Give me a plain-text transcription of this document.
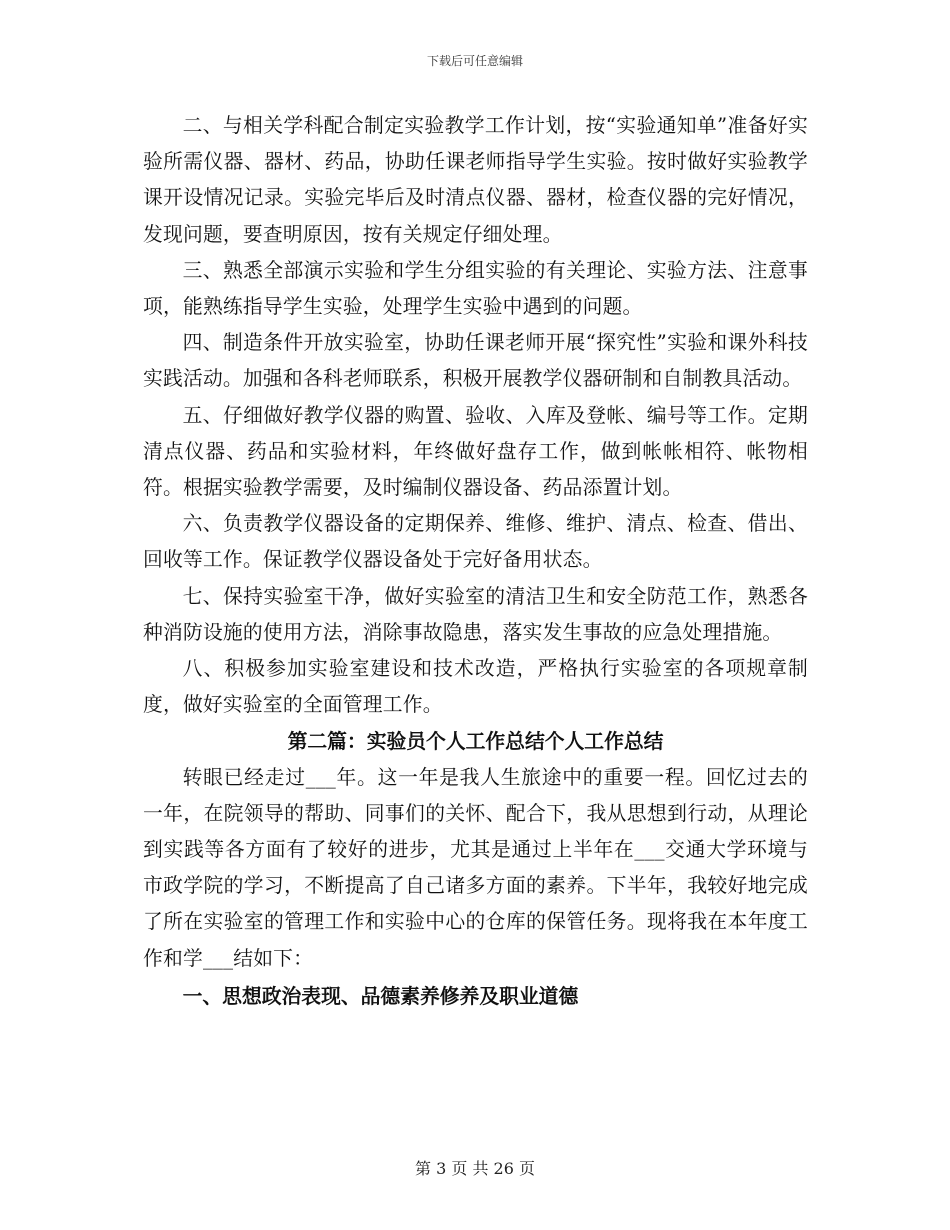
下载后可任意编辑

二、与相关学科配合制定实验教学工作计划，按“实验通知单”准备好实验所需仪器、器材、药品，协助任课老师指导学生实验。按时做好实验教学课开设情况记录。实验完毕后及时清点仪器、器材，检查仪器的完好情况，发现问题，要查明原因，按有关规定仔细处理。

三、熟悉全部演示实验和学生分组实验的有关理论、实验方法、注意事项，能熟练指导学生实验，处理学生实验中遇到的问题。

四、制造条件开放实验室，协助任课老师开展“探究性”实验和课外科技实践活动。加强和各科老师联系，积极开展教学仪器研制和自制教具活动。

五、仔细做好教学仪器的购置、验收、入库及登帐、编号等工作。定期清点仪器、药品和实验材料，年终做好盘存工作，做到帐帐相符、帐物相符。根据实验教学需要，及时编制仪器设备、药品添置计划。

六、负责教学仪器设备的定期保养、维修、维护、清点、检查、借出、回收等工作。保证教学仪器设备处于完好备用状态。

七、保持实验室干净，做好实验室的清洁卫生和安全防范工作，熟悉各种消防设施的使用方法，消除事故隐患，落实发生事故的应急处理措施。

八、积极参加实验室建设和技术改造，严格执行实验室的各项规章制度，做好实验室的全面管理工作。

第二篇：实验员个人工作总结个人工作总结

转眼已经走过___年。这一年是我人生旅途中的重要一程。回忆过去的一年，在院领导的帮助、同事们的关怀、配合下，我从思想到行动，从理论到实践等各方面有了较好的进步，尤其是通过上半年在___交通大学环境与市政学院的学习，不断提高了自己诸多方面的素养。下半年，我较好地完成了所在实验室的管理工作和实验中心的仓库的保管任务。现将我在本年度工作和学___结如下：

一、思想政治表现、品德素养修养及职业道德

第 3 页 共 26 页
